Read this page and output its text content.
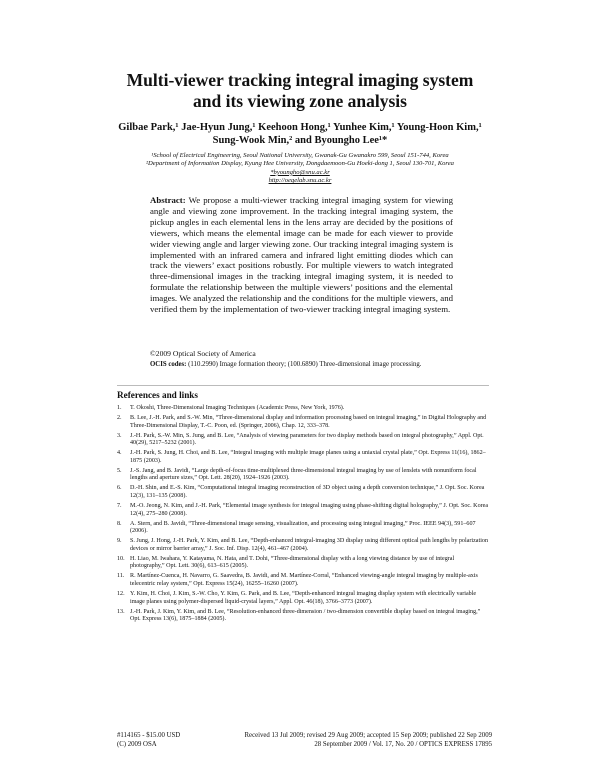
Multi-viewer tracking integral imaging system
and its viewing zone analysis
Gilbae Park,¹ Jae-Hyun Jung,¹ Keehoon Hong,¹ Yunhee Kim,¹ Young-Hoon Kim,¹
Sung-Wook Min,² and Byoungho Lee¹*
¹School of Electrical Engineering, Seoul National University, Gwanak-Gu Gwanakro 599, Seoul 151-744, Korea
²Department of Information Display, Kyung Hee University, Dongdaemoon-Gu Hoeki-dong 1, Seoul 130-701, Korea
*byoungho@snu.ac.kr
http://oeqelab.snu.ac.kr
Abstract: We propose a multi-viewer tracking integral imaging system for viewing angle and viewing zone improvement. In the tracking integral imaging system, the pickup angles in each elemental lens in the lens array are decided by the positions of viewers, which means the elemental image can be made for each viewer to provide wider viewing angle and larger viewing zone. Our tracking integral imaging system is implemented with an infrared camera and infrared light emitting diodes which can track the viewers’ exact positions robustly. For multiple viewers to watch integrated three-dimensional images in the tracking integral imaging system, it is needed to formulate the relationship between the multiple viewers’ positions and the elemental images. We analyzed the relationship and the conditions for the multiple viewers, and verified them by the implementation of two-viewer tracking integral imaging system.
©2009 Optical Society of America
OCIS codes: (110.2990) Image formation theory; (100.6890) Three-dimensional image processing.
References and links
1. T. Okoshi, Three-Dimensional Imaging Techniques (Academic Press, New York, 1976).
2. B. Lee, J.-H. Park, and S.-W. Min, “Three-dimensional display and information processing based on integral imaging,” in Digital Holography and Three-Dimensional Display, T.-C. Poon, ed. (Springer, 2006), Chap. 12, 333–378.
3. J.-H. Park, S.-W. Min, S. Jung, and B. Lee, “Analysis of viewing parameters for two display methods based on integral photography,” Appl. Opt. 40(29), 5217–5232 (2001).
4. J.-H. Park, S. Jung, H. Choi, and B. Lee, “Integral imaging with multiple image planes using a uniaxial crystal plate,” Opt. Express 11(16), 1862–1875 (2003).
5. J.-S. Jang, and B. Javidi, “Large depth-of-focus time-multiplexed three-dimensional integral imaging by use of lenslets with nonuniform focal lengths and aperture sizes,” Opt. Lett. 28(20), 1924–1926 (2003).
6. D.-H. Shin, and E.-S. Kim, “Computational integral imaging reconstruction of 3D object using a depth conversion technique,” J. Opt. Soc. Korea 12(3), 131–135 (2008).
7. M.-O. Jeong, N. Kim, and J.-H. Park, “Elemental image synthesis for integral imaging using phase-shifting digital holography,” J. Opt. Soc. Korea 12(4), 275–280 (2008).
8. A. Stern, and B. Javidi, “Three-dimensional image sensing, visualization, and processing using integral imaging,” Proc. IEEE 94(3), 591–607 (2006).
9. S. Jung, J. Hong, J.-H. Park, Y. Kim, and B. Lee, “Depth-enhanced integral-imaging 3D display using different optical path lengths by polarization devices or mirror barrier array,” J. Soc. Inf. Disp. 12(4), 461–467 (2004).
10. H. Liao, M. Iwahara, Y. Katayama, N. Hata, and T. Dohi, “Three-dimensional display with a long viewing distance by use of integral photography,” Opt. Lett. 30(6), 613–615 (2005).
11. R. Martínez-Cuenca, H. Navarro, G. Saavedra, B. Javidi, and M. Martínez-Corral, “Enhanced viewing-angle integral imaging by multiple-axis telecentric relay system,” Opt. Express 15(24), 16255–16260 (2007).
12. Y. Kim, H. Choi, J. Kim, S.-W. Cho, Y. Kim, G. Park, and B. Lee, “Depth-enhanced integral imaging display system with electrically variable image planes using polymer-dispersed liquid-crystal layers,” Appl. Opt. 46(18), 3766–3773 (2007).
13. J.-H. Park, J. Kim, Y. Kim, and B. Lee, “Resolution-enhanced three-dimension / two-dimension convertible display based on integral imaging,” Opt. Express 13(6), 1875–1884 (2005).
#114165 - $15.00 USD	Received 13 Jul 2009; revised 29 Aug 2009; accepted 15 Sep 2009; published 22 Sep 2009
(C) 2009 OSA	28 September 2009 / Vol. 17, No. 20 / OPTICS EXPRESS 17895
